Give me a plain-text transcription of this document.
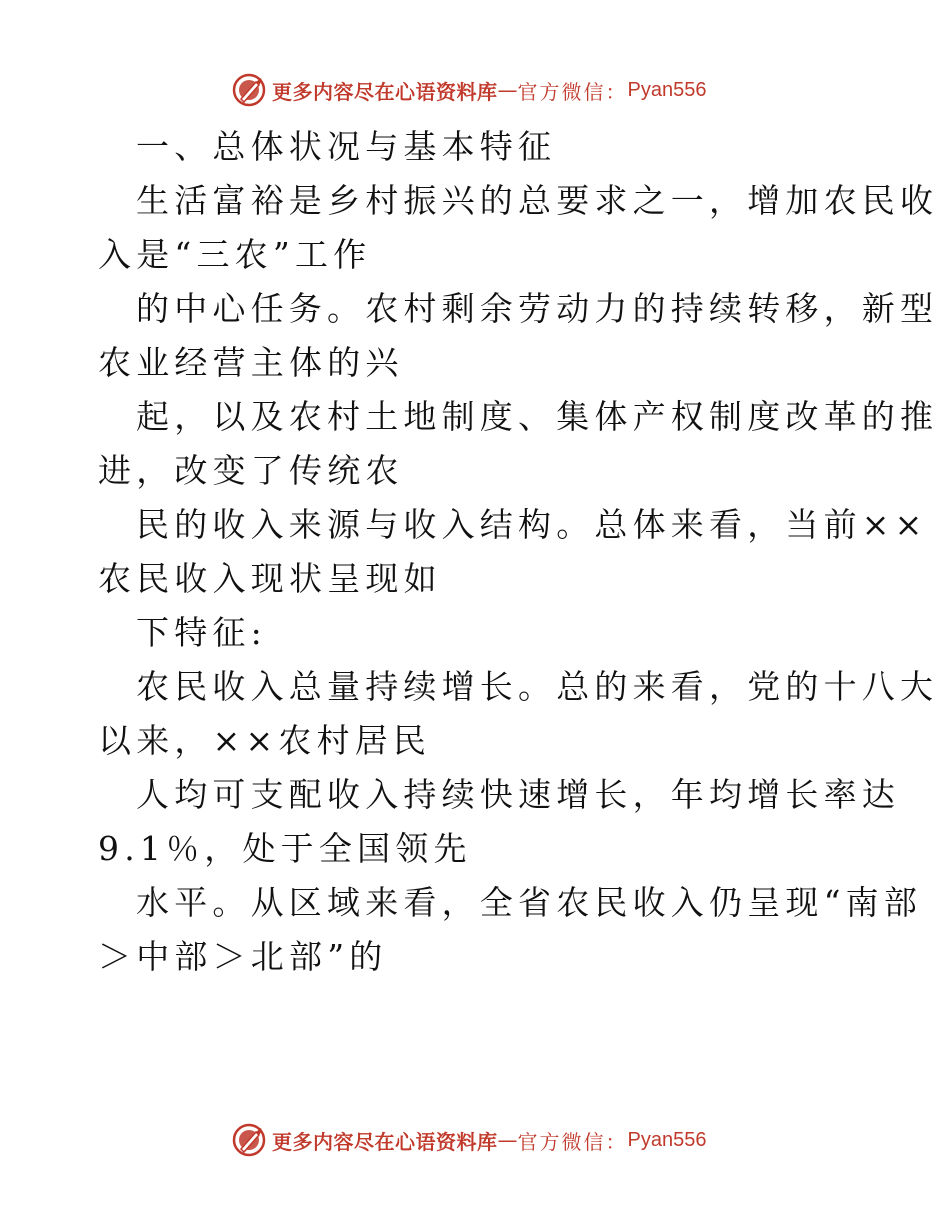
更多内容尽在心语资料库 — 官方微信： Pyan556
一、总体状况与基本特征
生活富裕是乡村振兴的总要求之一，增加农民收
入是“三农”工作
的中心任务。农村剩余劳动力的持续转移，新型
农业经营主体的兴
起，以及农村土地制度、集体产权制度改革的推
进，改变了传统农
民的收入来源与收入结构。总体来看，当前××
农民收入现状呈现如
下特征:
农民收入总量持续增长。总的来看，党的十八大
以来，××农村居民
人均可支配收入持续快速增长，年均增长率达
9.1％，处于全国领先
水平。从区域来看，全省农民收入仍呈现“南部
＞中部＞北部”的
更多内容尽在心语资料库 — 官方微信： Pyan556
